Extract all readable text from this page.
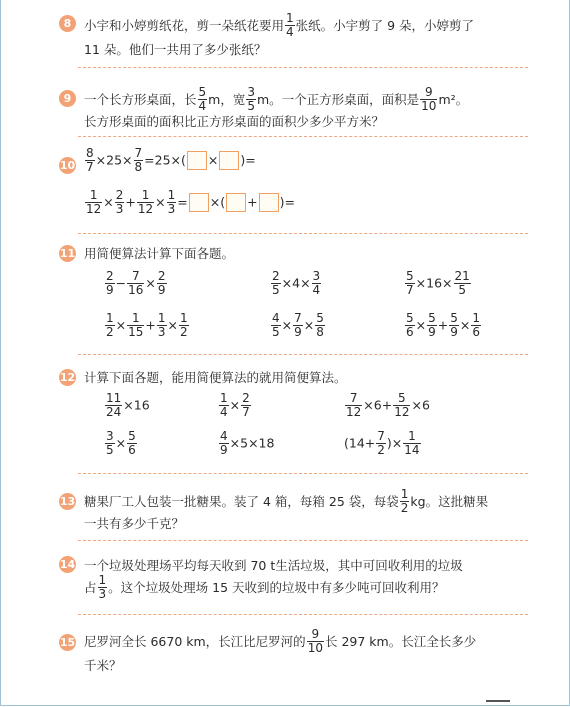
8	小宇和小婷剪纸花，剪一朵纸花要用 $\frac{1}{4}$ 张纸。小宇剪了 9 朵，小婷剪了
11 朵。他们一共用了多少张纸？
9	一个长方形桌面，长 $\frac{5}{4}$ m，宽 $\frac{3}{5}$ m。一个正方形桌面，面积是 $\frac{9}{10} m^2$。
长方形桌面的面积比正方形桌面的面积少多少平方米？
$10 \frac{8}{7} \times 25\times \frac{7}{8} =25\times$( × )=
$\frac{1}{12} \times \frac{2}{3} + \frac{1}{12} \times \frac{1}{3}$ = ×( + )=
11 用简便算法计算下面各题。
$\frac{2}{9} - \frac{7}{16} \times \frac{2}{9}$	$\frac{2}{5} \times 4\times \frac{3}{4}$	$\frac{5}{7} \times 16\times \frac{21}{5}$
$\frac{1}{2} \times \frac{1}{15} + \frac{1}{3} \times \frac{1}{2}$	$\frac{4}{5} \times \frac{7}{9} \times \frac{5}{8}$	$\frac{5}{6} \times \frac{5}{9} + \frac{5}{9} \times \frac{1}{6}$
12 计算下面各题，能用简便算法的就用简便算法。
$\frac{11}{24} \times 16$	$\frac{1}{4} \times \frac{2}{7}$	$\frac{7}{12} \times 6+ \frac{5}{12} \times 6$
$\frac{3}{5} \times \frac{5}{6}$	$\frac{4}{9} \times 5\times 18$	($14+ \frac{7}{2}$ )× $\frac{1}{14}$
13 糖果厂工人包装一批糖果。装了 4 箱，每箱 25 袋，每袋 $\frac{1}{2}$ kg。这批糖果
一共有多少千克？
14 一个垃圾处理场平均每天收到 70 t生活垃圾，其中可回收利用的垃圾
占 $\frac{1}{3}$ 。这个垃圾处理场 15 天收到的垃圾中有多少吨可回收利用？
15 尼罗河全长 6670 km，长江比尼罗河的 $\frac{9}{10}$ 长 297 km。长江全长多少
千米？
